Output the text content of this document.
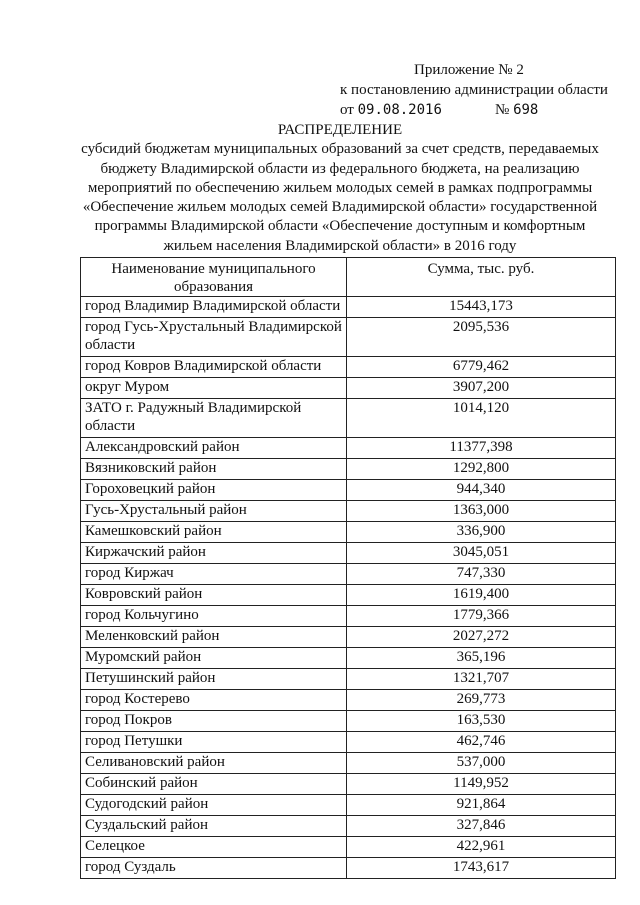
Приложение № 2
к постановлению администрации области
от 09.08.2016	№ 698
РАСПРЕДЕЛЕНИЕ
субсидий бюджетам муниципальных образований за счет средств, передаваемых
бюджету Владимирской области из федерального бюджета, на реализацию
мероприятий по обеспечению жильем молодых семей в рамках подпрограммы
«Обеспечение жильем молодых семей Владимирской области» государственной
программы Владимирской области «Обеспечение доступным и комфортным
жильем населения Владимирской области» в 2016 году
Наименование муниципального образования	Сумма, тыс. руб.
город Владимир Владимирской области	15443,173
город Гусь-Хрустальный Владимирской области	2095,536
город Ковров Владимирской области	6779,462
округ Муром	3907,200
ЗАТО г. Радужный Владимирской области	1014,120
Александровский район	11377,398
Вязниковский район	1292,800
Гороховецкий район	944,340
Гусь-Хрустальный район	1363,000
Камешковский район	336,900
Киржачский район	3045,051
город Киржач	747,330
Ковровский район	1619,400
город Кольчугино	1779,366
Меленковский район	2027,272
Муромский район	365,196
Петушинский район	1321,707
город Костерево	269,773
город Покров	163,530
город Петушки	462,746
Селивановский район	537,000
Собинский район	1149,952
Судогодский район	921,864
Суздальский район	327,846
Селецкое	422,961
город Суздаль	1743,617
